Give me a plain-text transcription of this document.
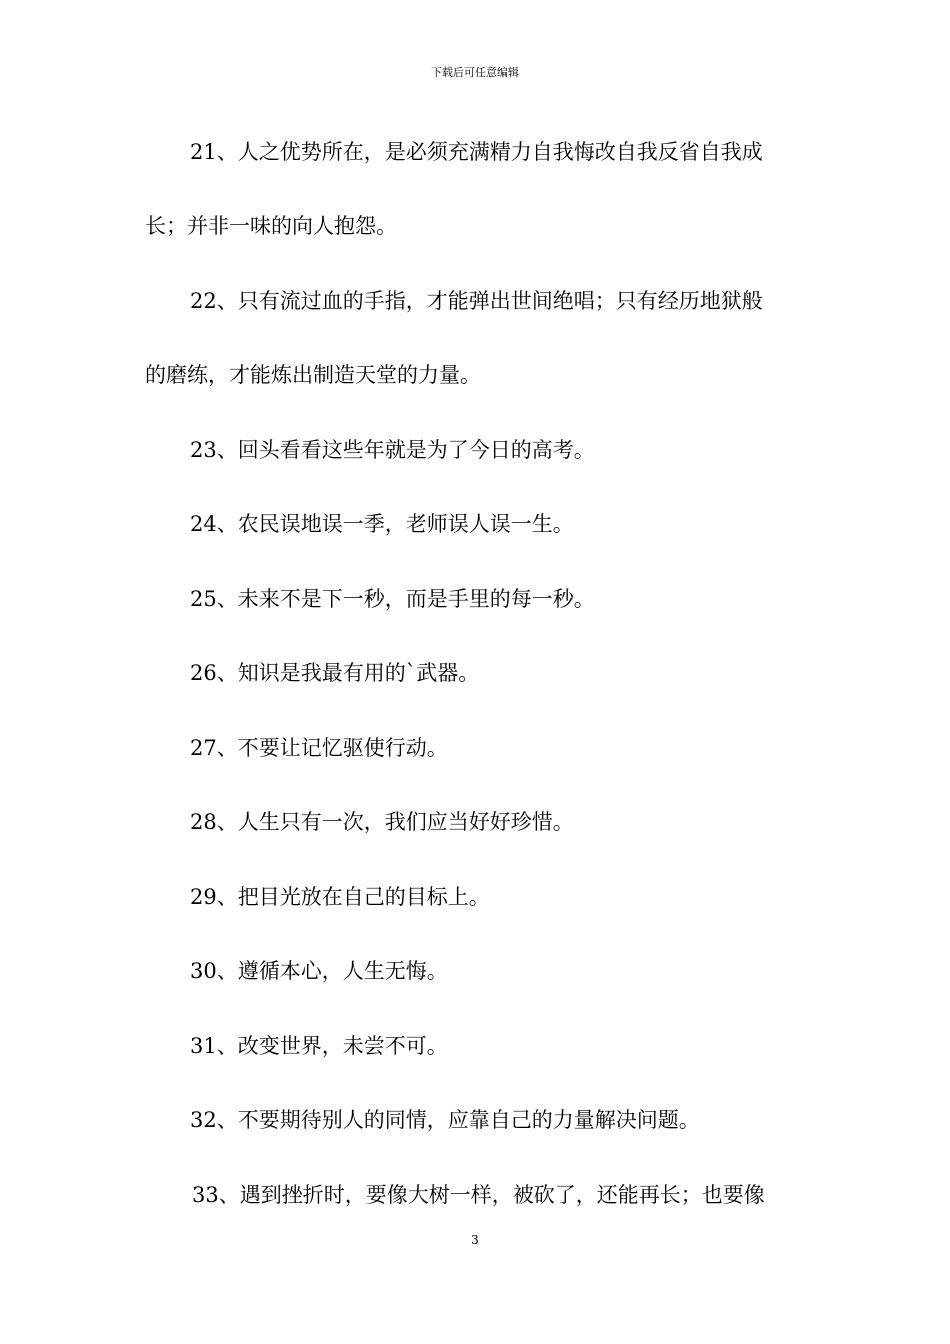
下载后可任意编辑
21、人之优势所在，是必须充满精力自我悔改自我反省自我成
长；并非一味的向人抱怨。
22、只有流过血的手指，才能弹出世间绝唱；只有经历地狱般
的磨练，才能炼出制造天堂的力量。
23、回头看看这些年就是为了今日的高考。
24、农民误地误一季，老师误人误一生。
25、未来不是下一秒，而是手里的每一秒。
26、知识是我最有用的`武器。
27、不要让记忆驱使行动。
28、人生只有一次，我们应当好好珍惜。
29、把目光放在自己的目标上。
30、遵循本心，人生无悔。
31、改变世界，未尝不可。
32、不要期待别人的同情，应靠自己的力量解决问题。
33、遇到挫折时，要像大树一样，被砍了，还能再长；也要像
3
